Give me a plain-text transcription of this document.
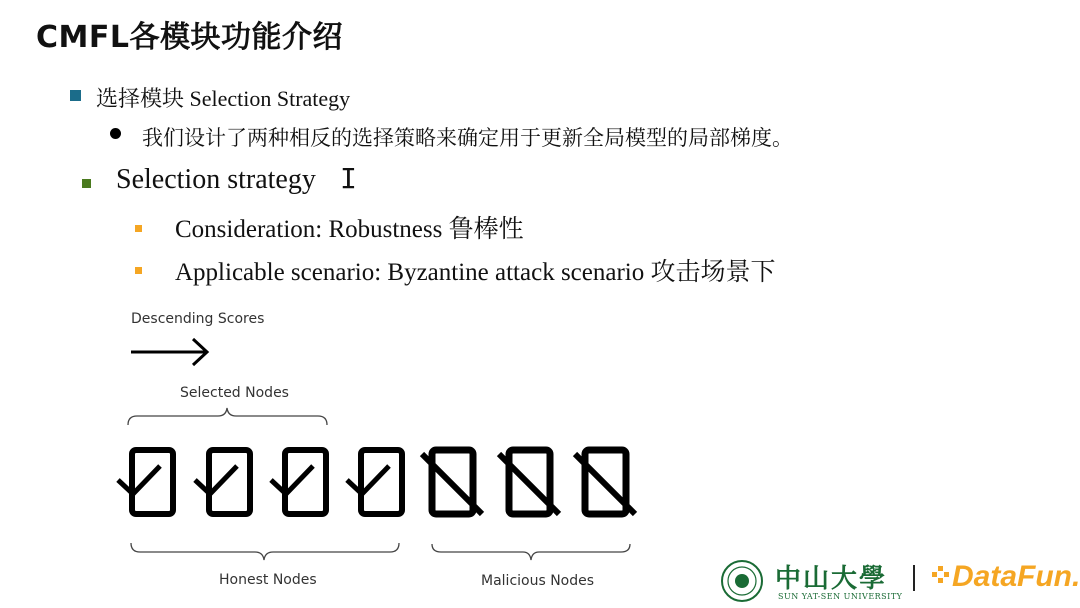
CMFL各模块功能介绍
选择模块 Selection Strategy
我们设计了两种相反的选择策略来确定用于更新全局模型的局部梯度。
Selection strategy I
Consideration: Robustness 鲁棒性
Applicable scenario: Byzantine attack scenario 攻击场景下
Descending Scores
Selected Nodes
Honest Nodes	Malicious Nodes	中山大學
SUN YAT-SEN UNIVERSITY
DataFun.
